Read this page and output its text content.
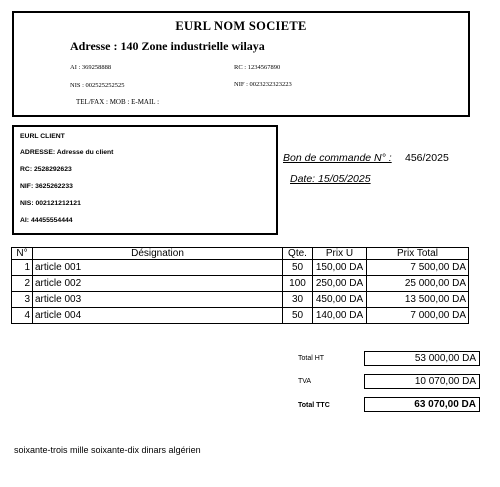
EURL NOM SOCIETE
Adresse : 140 Zone industrielle wilaya
AI : 369258888
NIS : 002525252525
RC : 1234567890
NIF : 0023232323223
TEL/FAX : MOB : E-MAIL :
EURL CLIENT
ADRESSE: Adresse du client
RC: 2528292623
NIF: 3625262233
NIS: 002121212121
AI: 44455554444
Bon de commande N° : 456/2025
Date: 15/05/2025
N°	Désignation	Qte.	Prix U	Prix Total
1	article 001	50	150,00 DA	7 500,00 DA
2	article 002	100	250,00 DA	25 000,00 DA
3	article 003	30	450,00 DA	13 500,00 DA
4	article 004	50	140,00 DA	7 000,00 DA
Total HT	53 000,00 DA
TVA	10 070,00 DA
Total TTC	63 070,00 DA
soixante-trois mille soixante-dix dinars algérien
